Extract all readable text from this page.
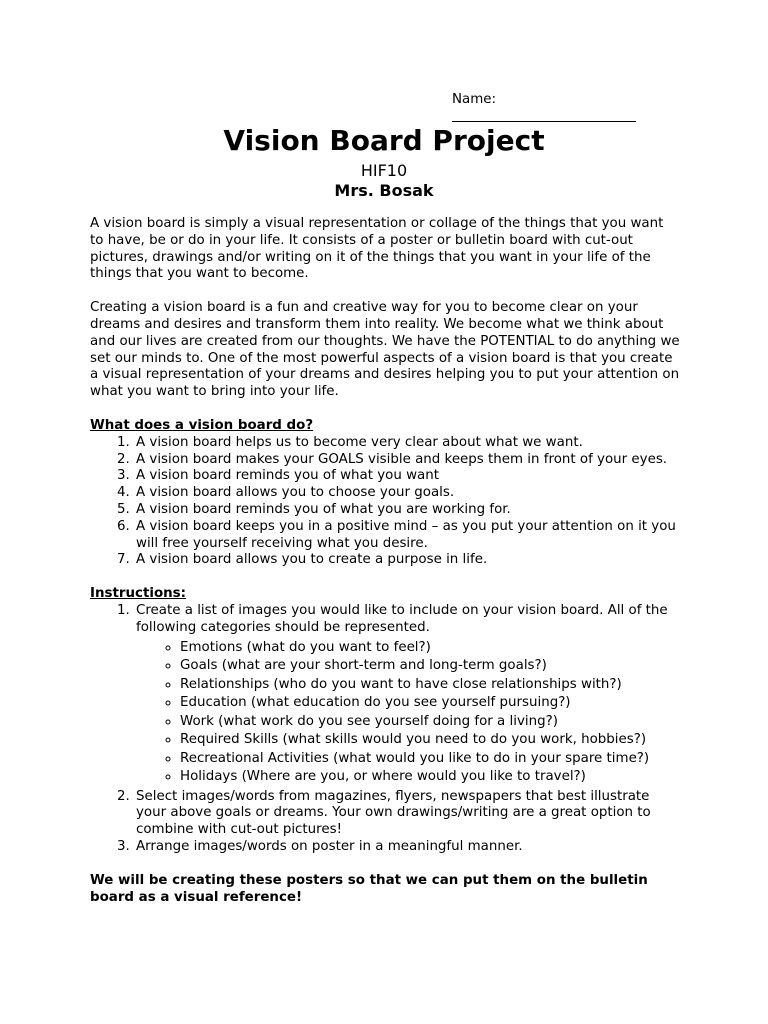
Name:
Vision Board Project
HIF10
Mrs. Bosak

A vision board is simply a visual representation or collage of the things that you want to have, be or do in your life. It consists of a poster or bulletin board with cut-out pictures, drawings and/or writing on it of the things that you want in your life of the things that you want to become.

Creating a vision board is a fun and creative way for you to become clear on your dreams and desires and transform them into reality. We become what we think about and our lives are created from our thoughts. We have the POTENTIAL to do anything we set our minds to. One of the most powerful aspects of a vision board is that you create a visual representation of your dreams and desires helping you to put your attention on what you want to bring into your life.

What does a vision board do?
1. A vision board helps us to become very clear about what we want.
2. A vision board makes your GOALS visible and keeps them in front of your eyes.
3. A vision board reminds you of what you want
4. A vision board allows you to choose your goals.
5. A vision board reminds you of what you are working for.
6. A vision board keeps you in a positive mind – as you put your attention on it you will free yourself receiving what you desire.
7. A vision board allows you to create a purpose in life.
Instructions:
1. Create a list of images you would like to include on your vision board. All of the following categories should be represented.
◦ Emotions (what do you want to feel?)
◦ Goals (what are your short-term and long-term goals?)
◦ Relationships (who do you want to have close relationships with?)
◦ Education (what education do you see yourself pursuing?)
◦ Work (what work do you see yourself doing for a living?)
◦ Required Skills (what skills would you need to do you work, hobbies?)
◦ Recreational Activities (what would you like to do in your spare time?)
◦ Holidays (Where are you, or where would you like to travel?)
2. Select images/words from magazines, flyers, newspapers that best illustrate your above goals or dreams. Your own drawings/writing are a great option to combine with cut-out pictures!
3. Arrange images/words on poster in a meaningful manner.
We will be creating these posters so that we can put them on the bulletin board as a visual reference!
